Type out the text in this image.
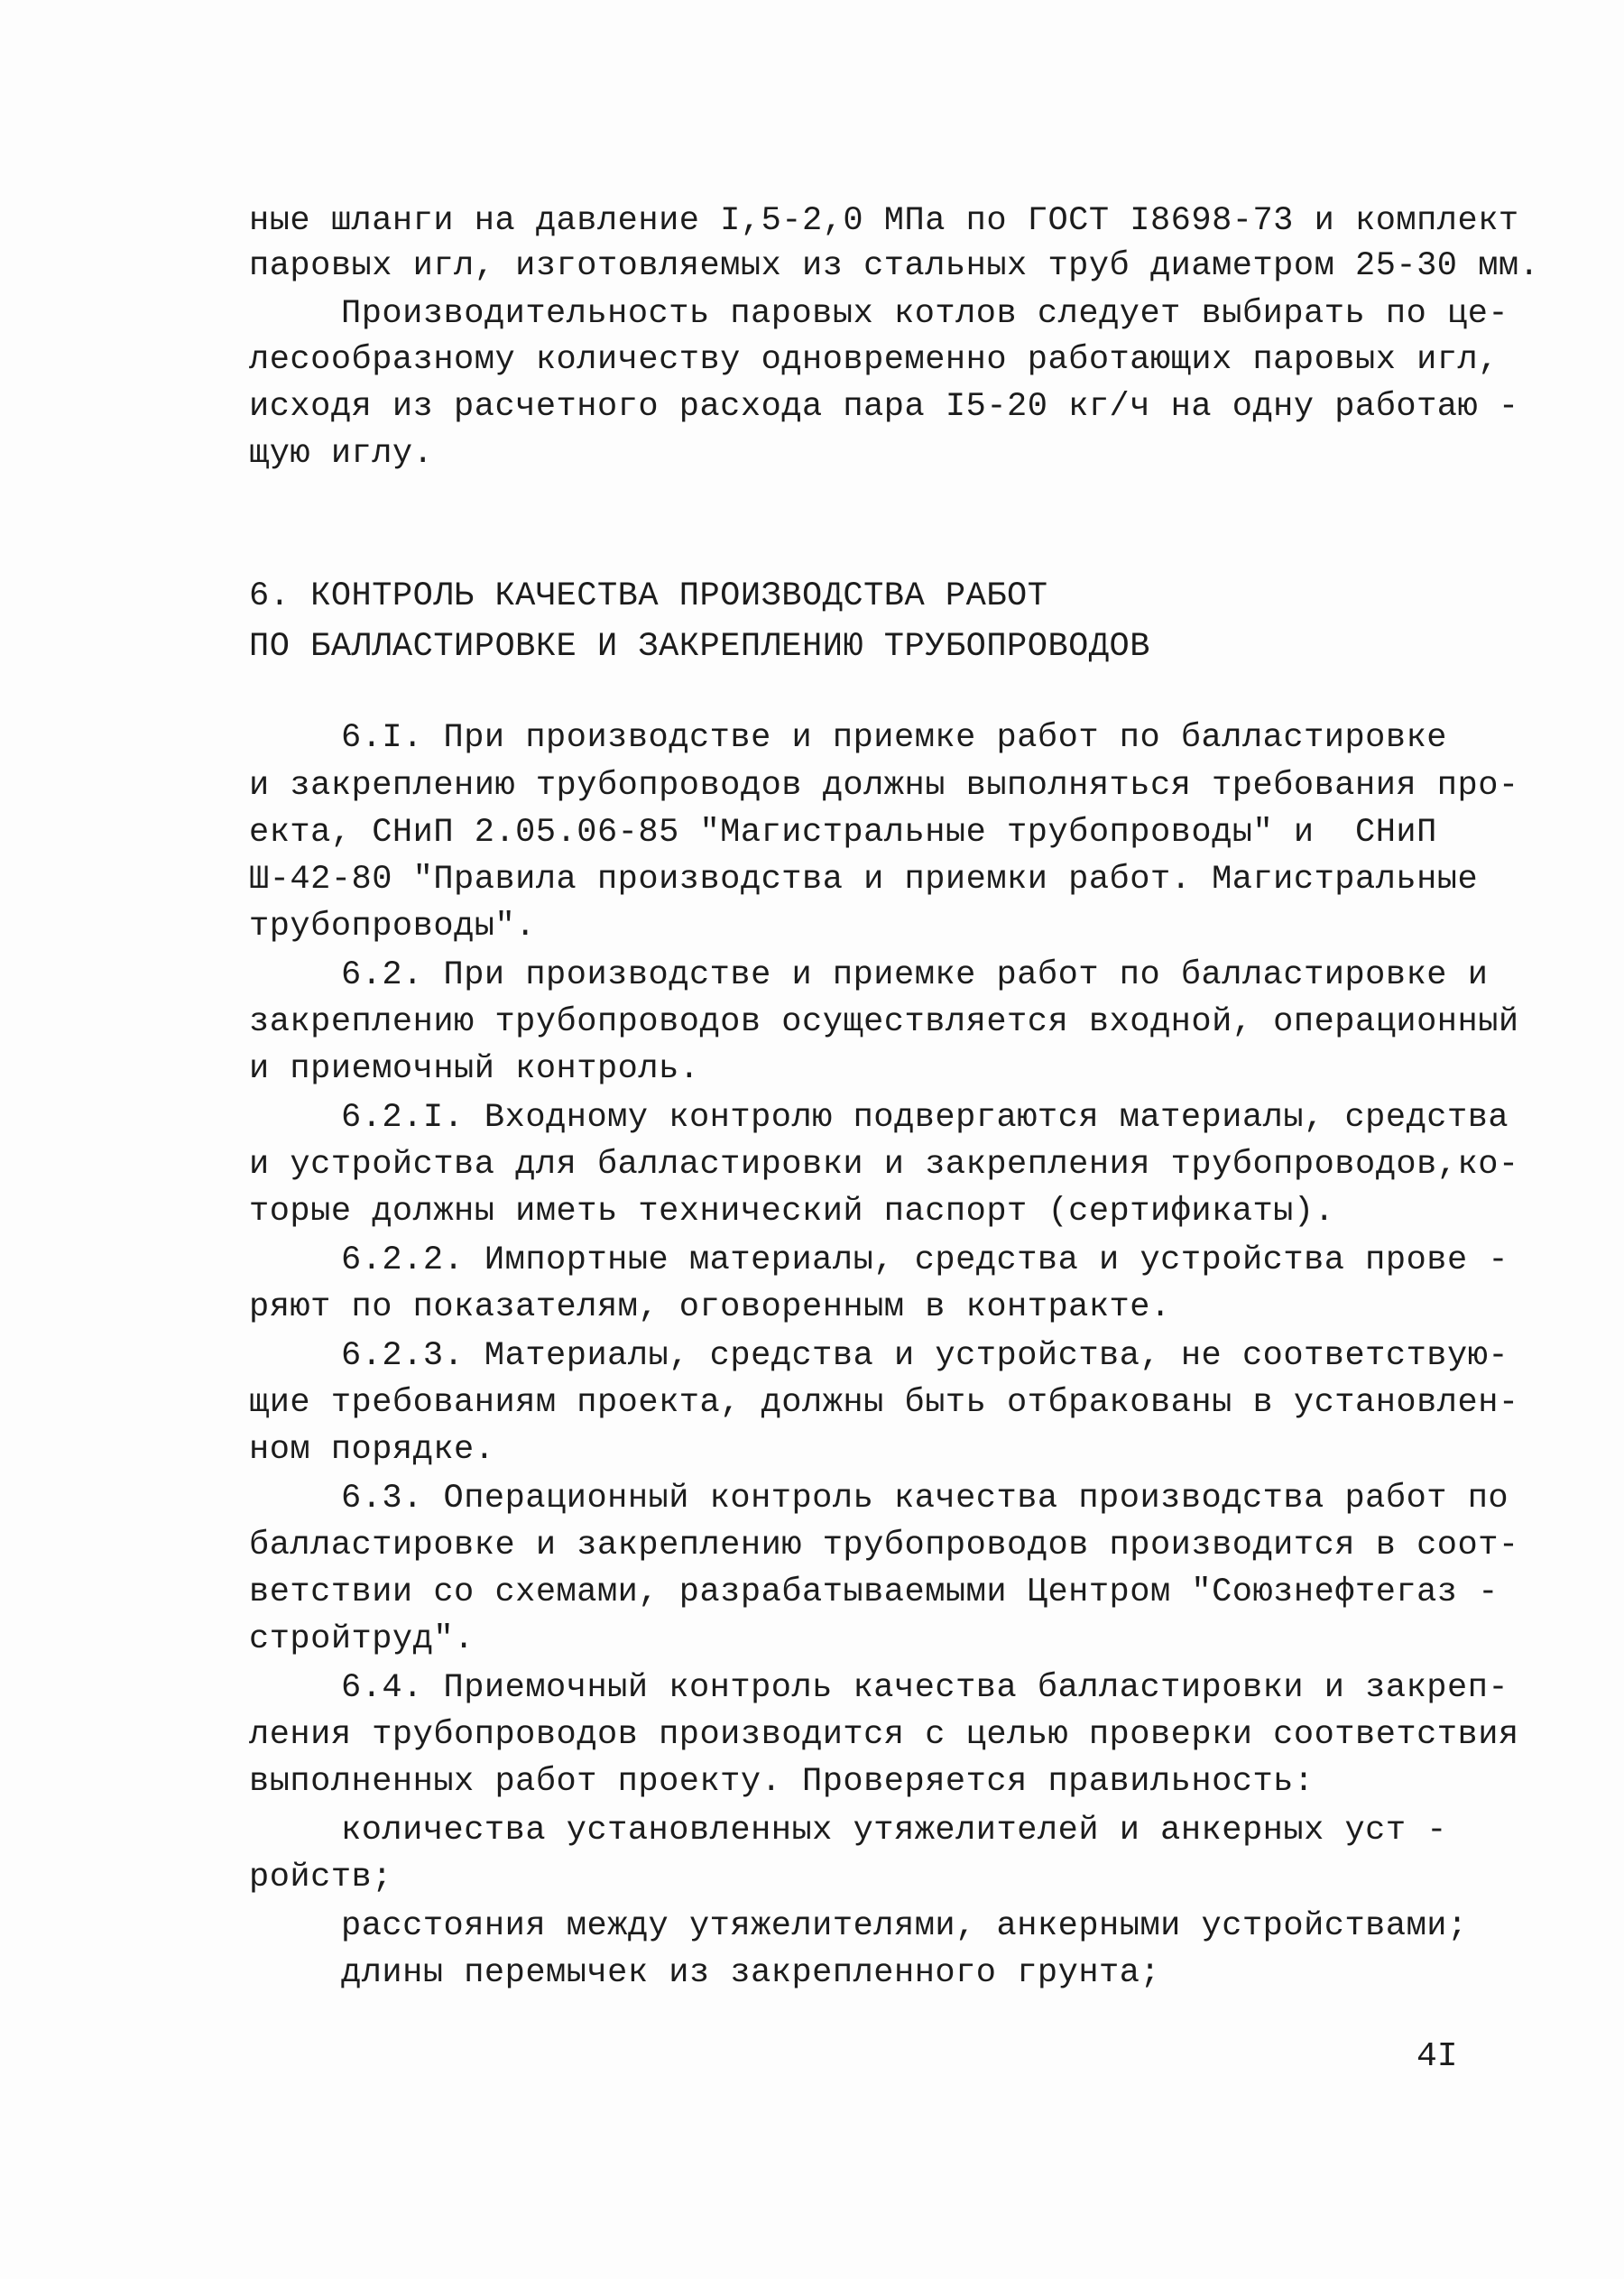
ные шланги на давление I,5-2,0 МПа по ГОСТ I8698-73 и комплект
паровых игл, изготовляемых из стальных труб диаметром 25-30 мм.
Производительность паровых котлов следует выбирать по це-
лесообразному количеству одновременно работающих паровых игл,
исходя из расчетного расхода пара I5-20 кг/ч на одну работаю -
щую иглу.
6. КОНТРОЛЬ КАЧЕСТВА ПРОИЗВОДСТВА РАБОТ
ПО БАЛЛАСТИРОВКЕ И ЗАКРЕПЛЕНИЮ ТРУБОПРОВОДОВ
6.I. При производстве и приемке работ по балластировке
и закреплению трубопроводов должны выполняться требования про-
екта, СНиП 2.05.06-85 "Магистральные трубопроводы" и  СНиП
Ш-42-80 "Правила производства и приемки работ. Магистральные
трубопроводы".
6.2. При производстве и приемке работ по балластировке и
закреплению трубопроводов осуществляется входной, операционный
и приемочный контроль.
6.2.I. Входному контролю подвергаются материалы, средства
и устройства для балластировки и закрепления трубопроводов,ко-
торые должны иметь технический паспорт (сертификаты).
6.2.2. Импортные материалы, средства и устройства прове -
ряют по показателям, оговоренным в контракте.
6.2.3. Материалы, средства и устройства, не соответствую-
щие требованиям проекта, должны быть отбракованы в установлен-
ном порядке.
6.3. Операционный контроль качества производства работ по
балластировке и закреплению трубопроводов производится в соот-
ветствии со схемами, разрабатываемыми Центром "Союзнефтегаз -
стройтруд".
6.4. Приемочный контроль качества балластировки и закреп-
ления трубопроводов производится с целью проверки соответствия
выполненных работ проекту. Проверяется правильность:
количества установленных утяжелителей и анкерных уст -
ройств;
расстояния между утяжелителями, анкерными устройствами;
длины перемычек из закрепленного грунта;
4I
